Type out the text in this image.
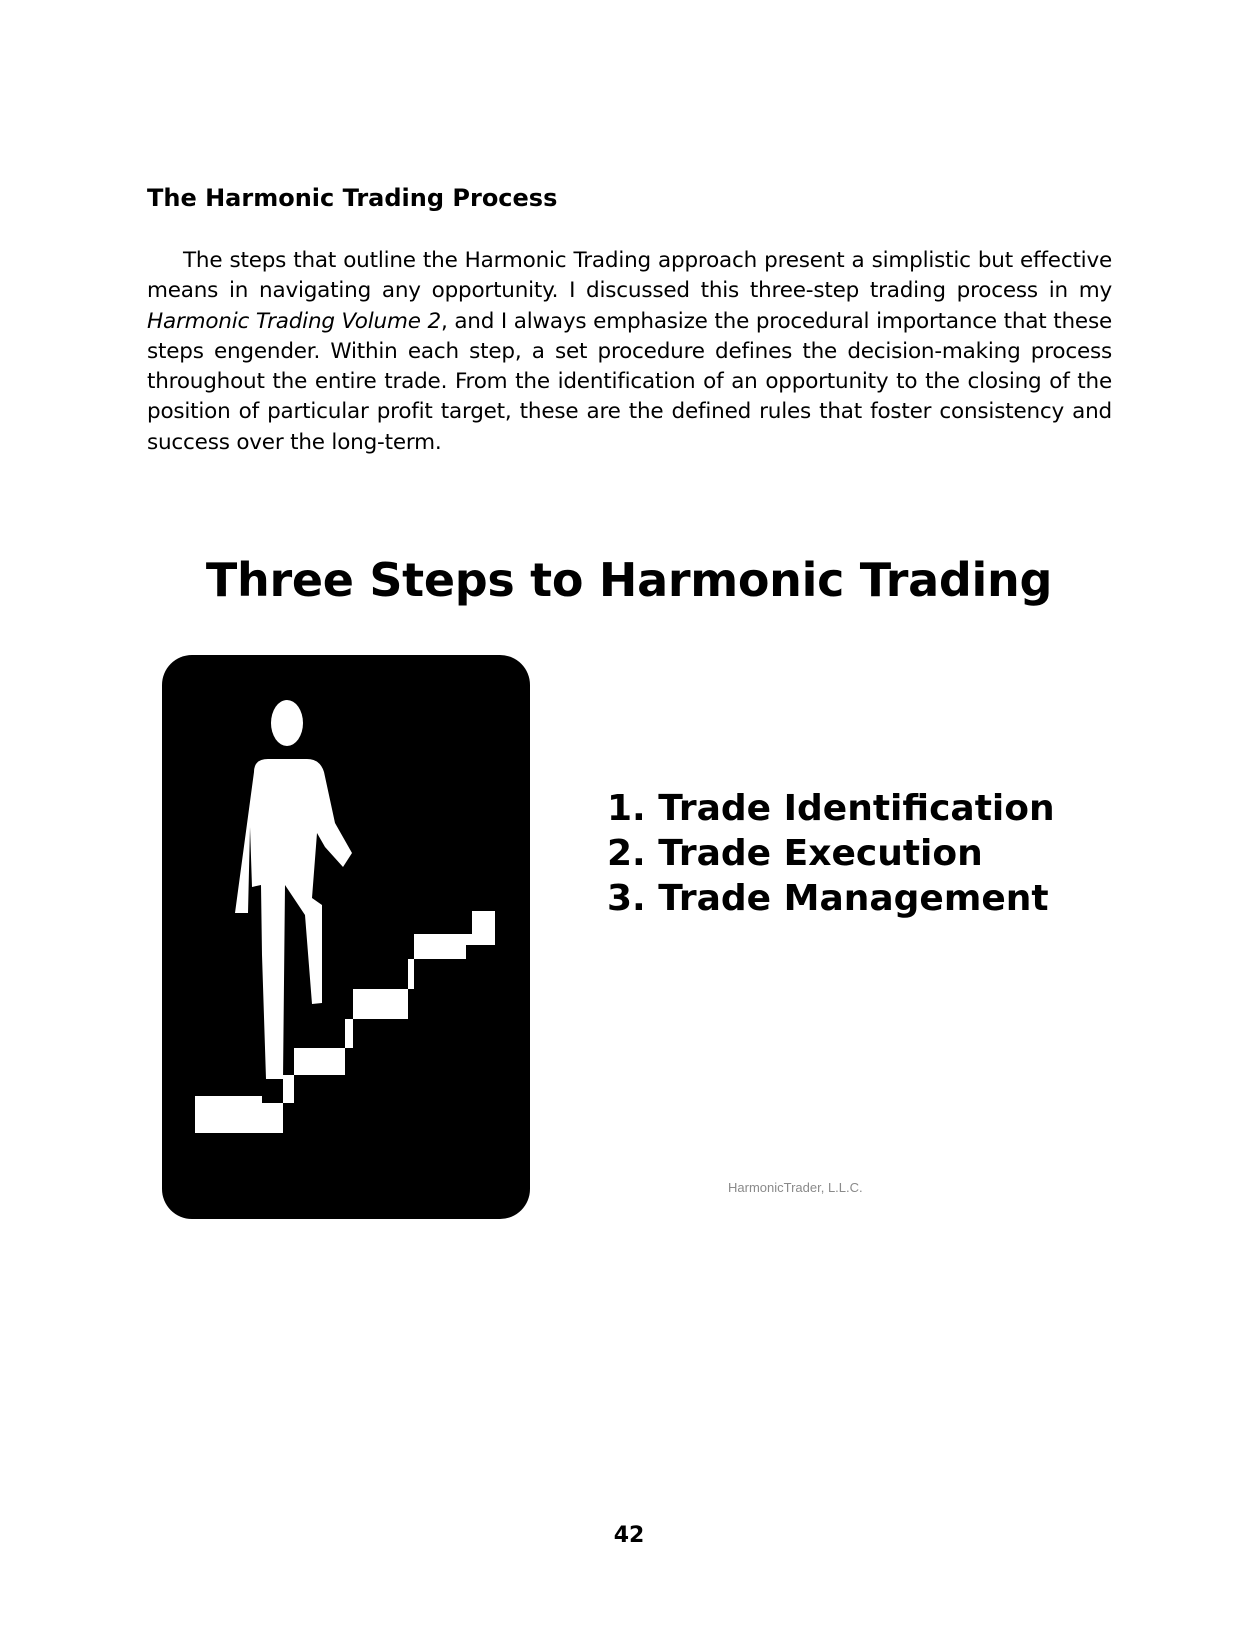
The Harmonic Trading Process

The steps that outline the Harmonic Trading approach present a simplistic but effective means in navigating any opportunity. I discussed this three-step trading process in my Harmonic Trading Volume 2, and I always emphasize the procedural importance that these steps engender. Within each step, a set procedure defines the decision-making process throughout the entire trade. From the identification of an opportunity to the closing of the position of particular profit target, these are the defined rules that foster consistency and success over the long-term.

Three Steps to Harmonic Trading
1. Trade Identification
2. Trade Execution
3. Trade Management
HarmonicTrader, L.L.C.
42
